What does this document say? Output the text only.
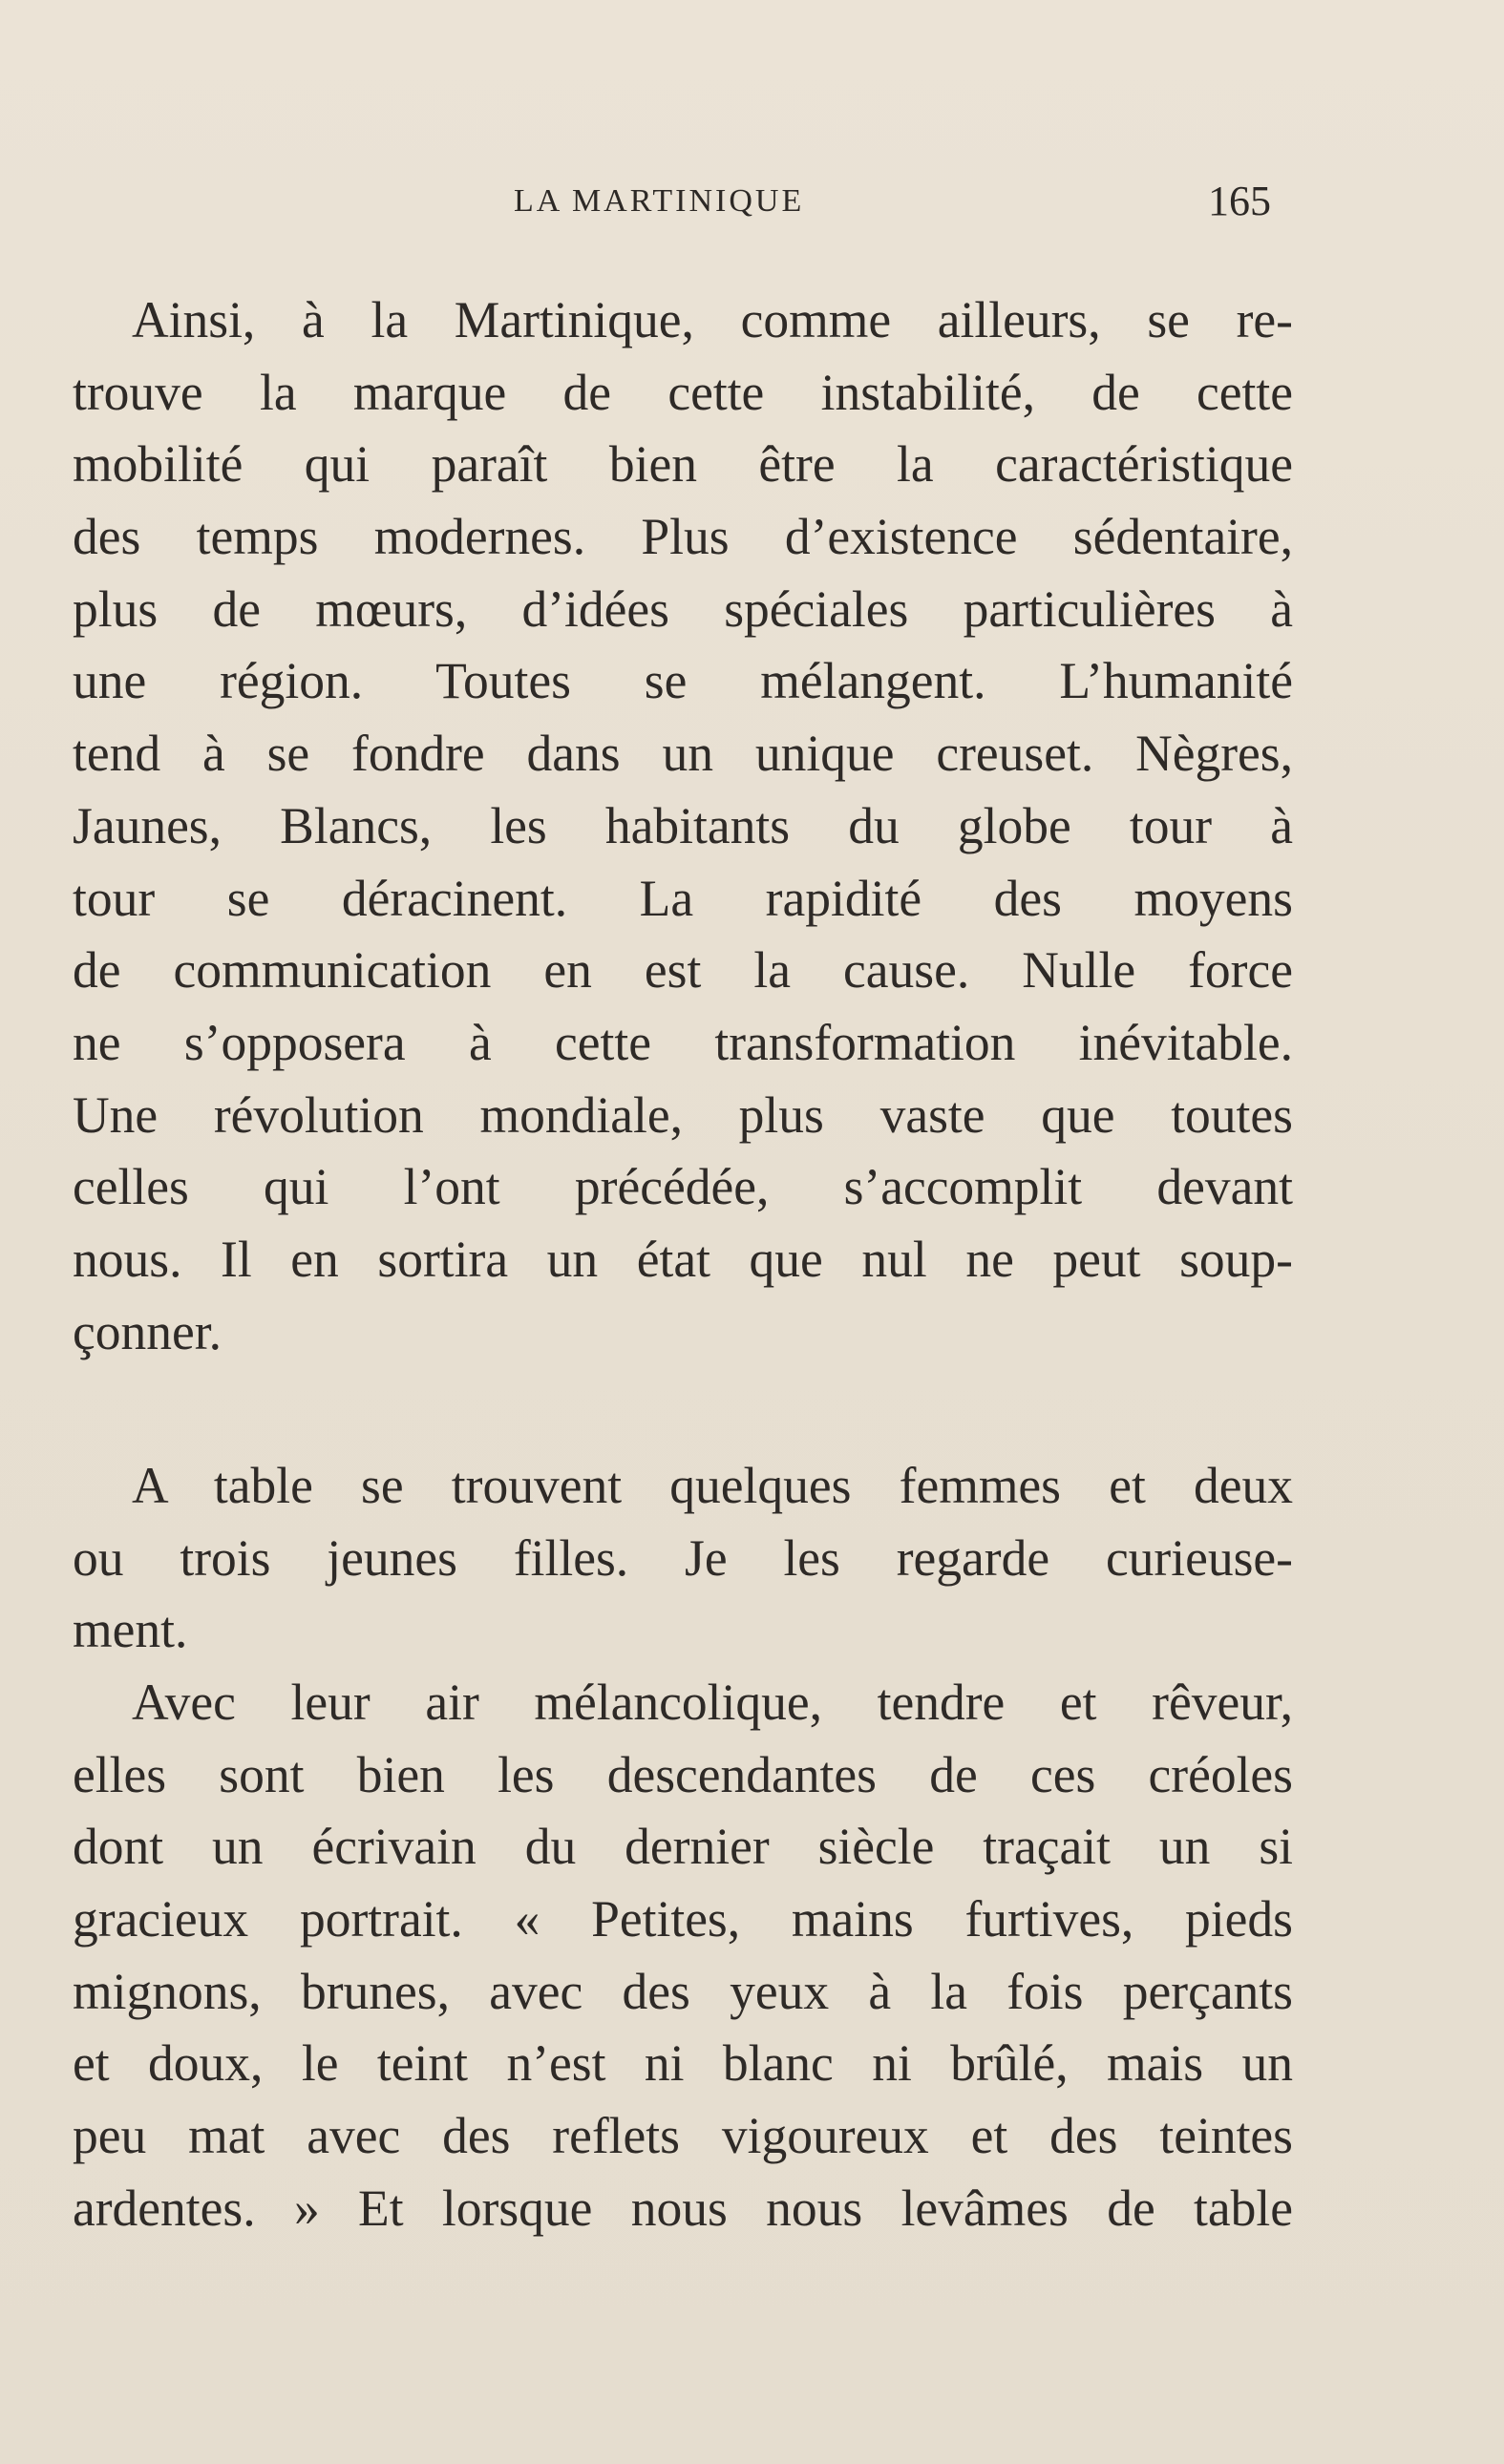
LA MARTINIQUE	165
Ainsi, à la Martinique, comme ailleurs, se re-
trouve la marque de cette instabilité, de cette
mobilité qui paraît bien être la caractéristique
des temps modernes. Plus d’existence sédentaire,
plus de mœurs, d’idées spéciales particulières à
une région. Toutes se mélangent. L’humanité
tend à se fondre dans un unique creuset. Nègres,
Jaunes, Blancs, les habitants du globe tour à
tour se déracinent. La rapidité des moyens
de communication en est la cause. Nulle force
ne s’opposera à cette transformation inévitable.
Une révolution mondiale, plus vaste que toutes
celles qui l’ont précédée, s’accomplit devant
nous. Il en sortira un état que nul ne peut soup-
çonner.
A table se trouvent quelques femmes et deux
ou trois jeunes filles. Je les regarde curieuse-
ment.
Avec leur air mélancolique, tendre et rêveur,
elles sont bien les descendantes de ces créoles
dont un écrivain du dernier siècle traçait un si
gracieux portrait. « Petites, mains furtives, pieds
mignons, brunes, avec des yeux à la fois perçants
et doux, le teint n’est ni blanc ni brûlé, mais un
peu mat avec des reflets vigoureux et des teintes
ardentes. » Et lorsque nous nous levâmes de table
